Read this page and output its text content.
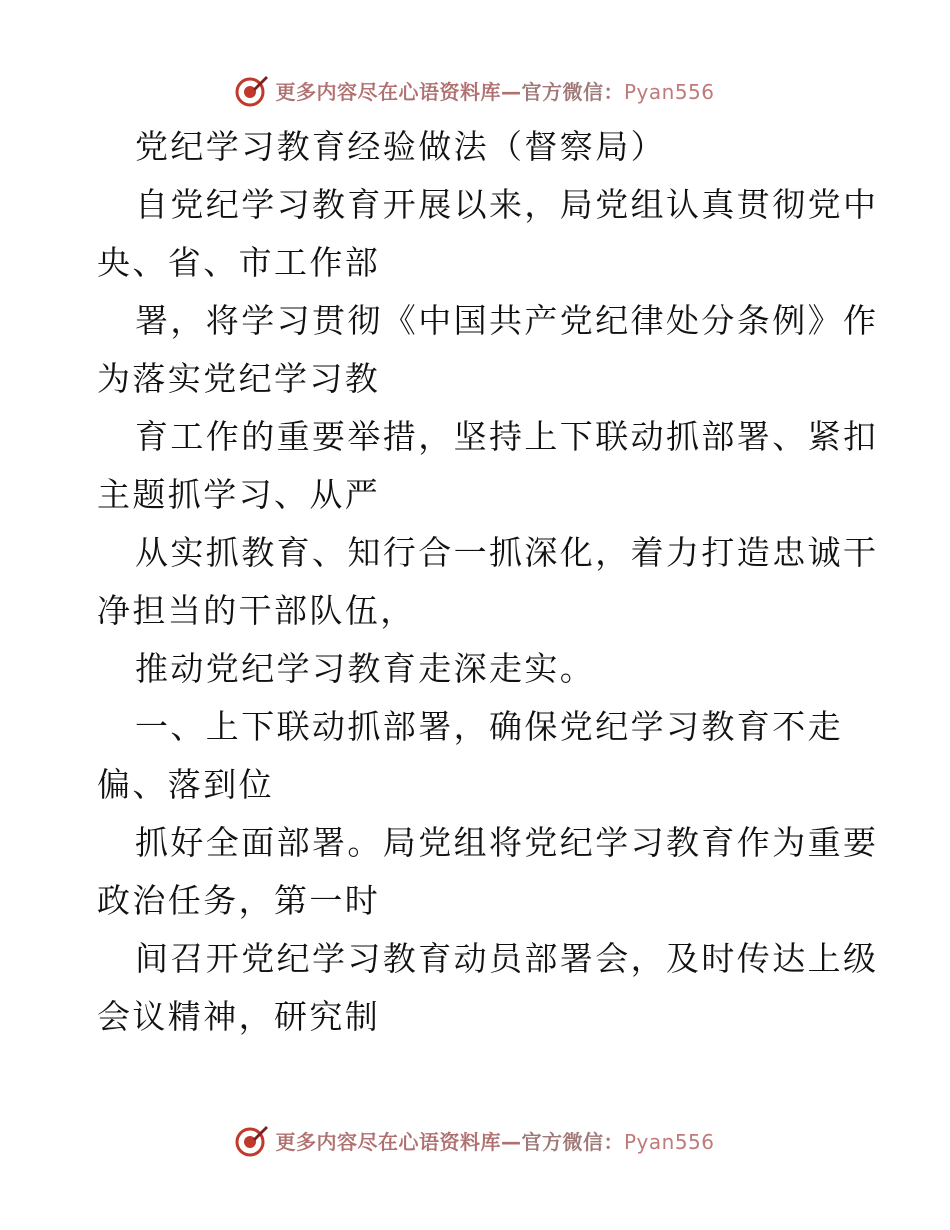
更多内容尽在心语资料库—官方微信：Pyan556
党纪学习教育经验做法（督察局）
自党纪学习教育开展以来，局党组认真贯彻党中
央、省、市工作部
署，将学习贯彻《中国共产党纪律处分条例》作
为落实党纪学习教
育工作的重要举措，坚持上下联动抓部署、紧扣
主题抓学习、从严
从实抓教育、知行合一抓深化，着力打造忠诚干
净担当的干部队伍，
推动党纪学习教育走深走实。
一、上下联动抓部署，确保党纪学习教育不走
偏、落到位
抓好全面部署。局党组将党纪学习教育作为重要
政治任务，第一时
间召开党纪学习教育动员部署会，及时传达上级
会议精神，研究制
更多内容尽在心语资料库—官方微信：Pyan556
